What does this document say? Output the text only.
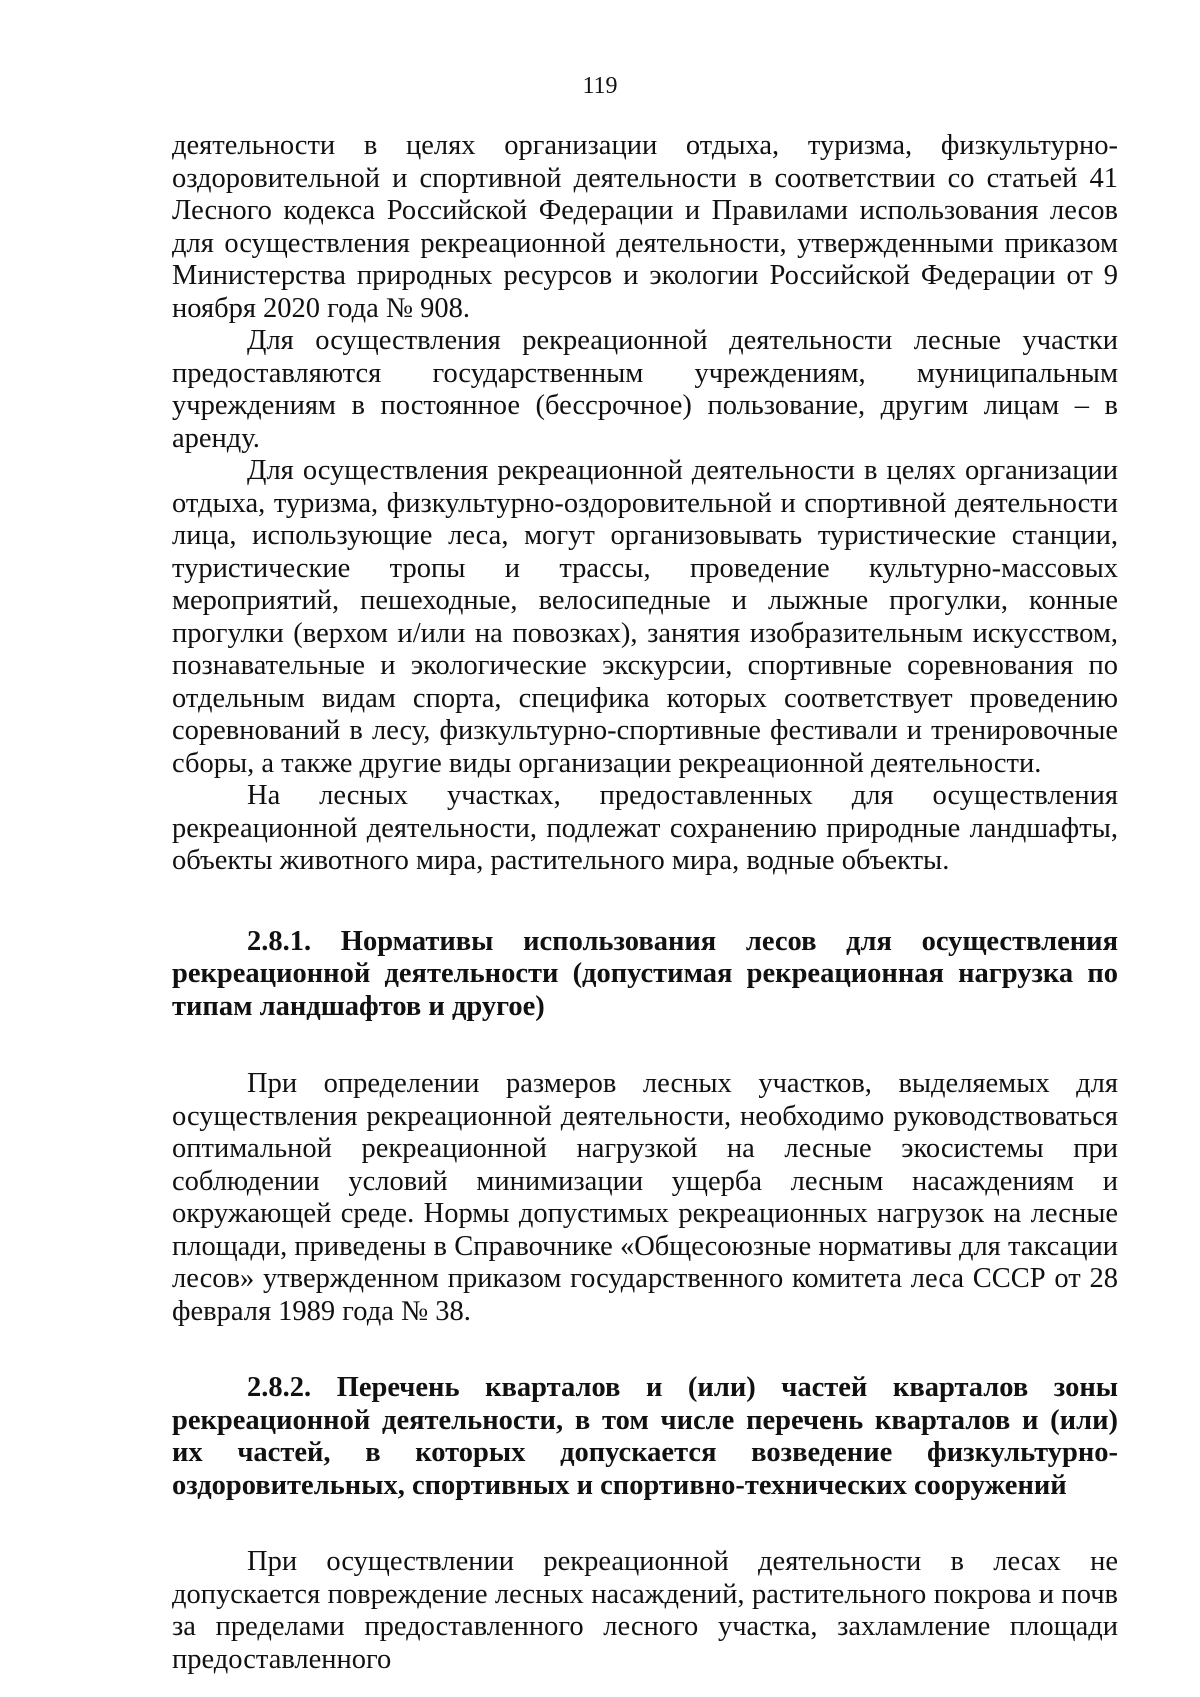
119

деятельности в целях организации отдыха, туризма, физкультурно-оздоровительной и спортивной деятельности в соответствии со статьей 41 Лесного кодекса Российской Федерации и Правилами использования лесов для осуществления рекреационной деятельности, утвержденными приказом Министерства природных ресурсов и экологии Российской Федерации от 9 ноября 2020 года № 908.

Для осуществления рекреационной деятельности лесные участки предоставляются государственным учреждениям, муниципальным учреждениям в постоянное (бессрочное) пользование, другим лицам – в аренду.

Для осуществления рекреационной деятельности в целях организации отдыха, туризма, физкультурно-оздоровительной и спортивной деятельности лица, использующие леса, могут организовывать туристические станции, туристические тропы и трассы, проведение культурно-массовых мероприятий, пешеходные, велосипедные и лыжные прогулки, конные прогулки (верхом и/или на повозках), занятия изобразительным искусством, познавательные и экологические экскурсии, спортивные соревнования по отдельным видам спорта, специфика которых соответствует проведению соревнований в лесу, физкультурно-спортивные фестивали и тренировочные сборы, а также другие виды организации рекреационной деятельности.

На лесных участках, предоставленных для осуществления рекреационной деятельности, подлежат сохранению природные ландшафты, объекты животного мира, растительного мира, водные объекты.

2.8.1. Нормативы использования лесов для осуществления рекреационной деятельности (допустимая рекреационная нагрузка по типам ландшафтов и другое)

При определении размеров лесных участков, выделяемых для осуществления рекреационной деятельности, необходимо руководствоваться оптимальной рекреационной нагрузкой на лесные экосистемы при соблюдении условий минимизации ущерба лесным насаждениям и окружающей среде. Нормы допустимых рекреационных нагрузок на лесные площади, приведены в Справочнике «Общесоюзные нормативы для таксации лесов» утвержденном приказом государственного комитета леса СССР от 28 февраля 1989 года № 38.

2.8.2. Перечень кварталов и (или) частей кварталов зоны рекреационной деятельности, в том числе перечень кварталов и (или) их частей, в которых допускается возведение физкультурно-оздоровительных, спортивных и спортивно-технических сооружений

При осуществлении рекреационной деятельности в лесах не допускается повреждение лесных насаждений, растительного покрова и почв за пределами предоставленного лесного участка, захламление площади предоставленного
